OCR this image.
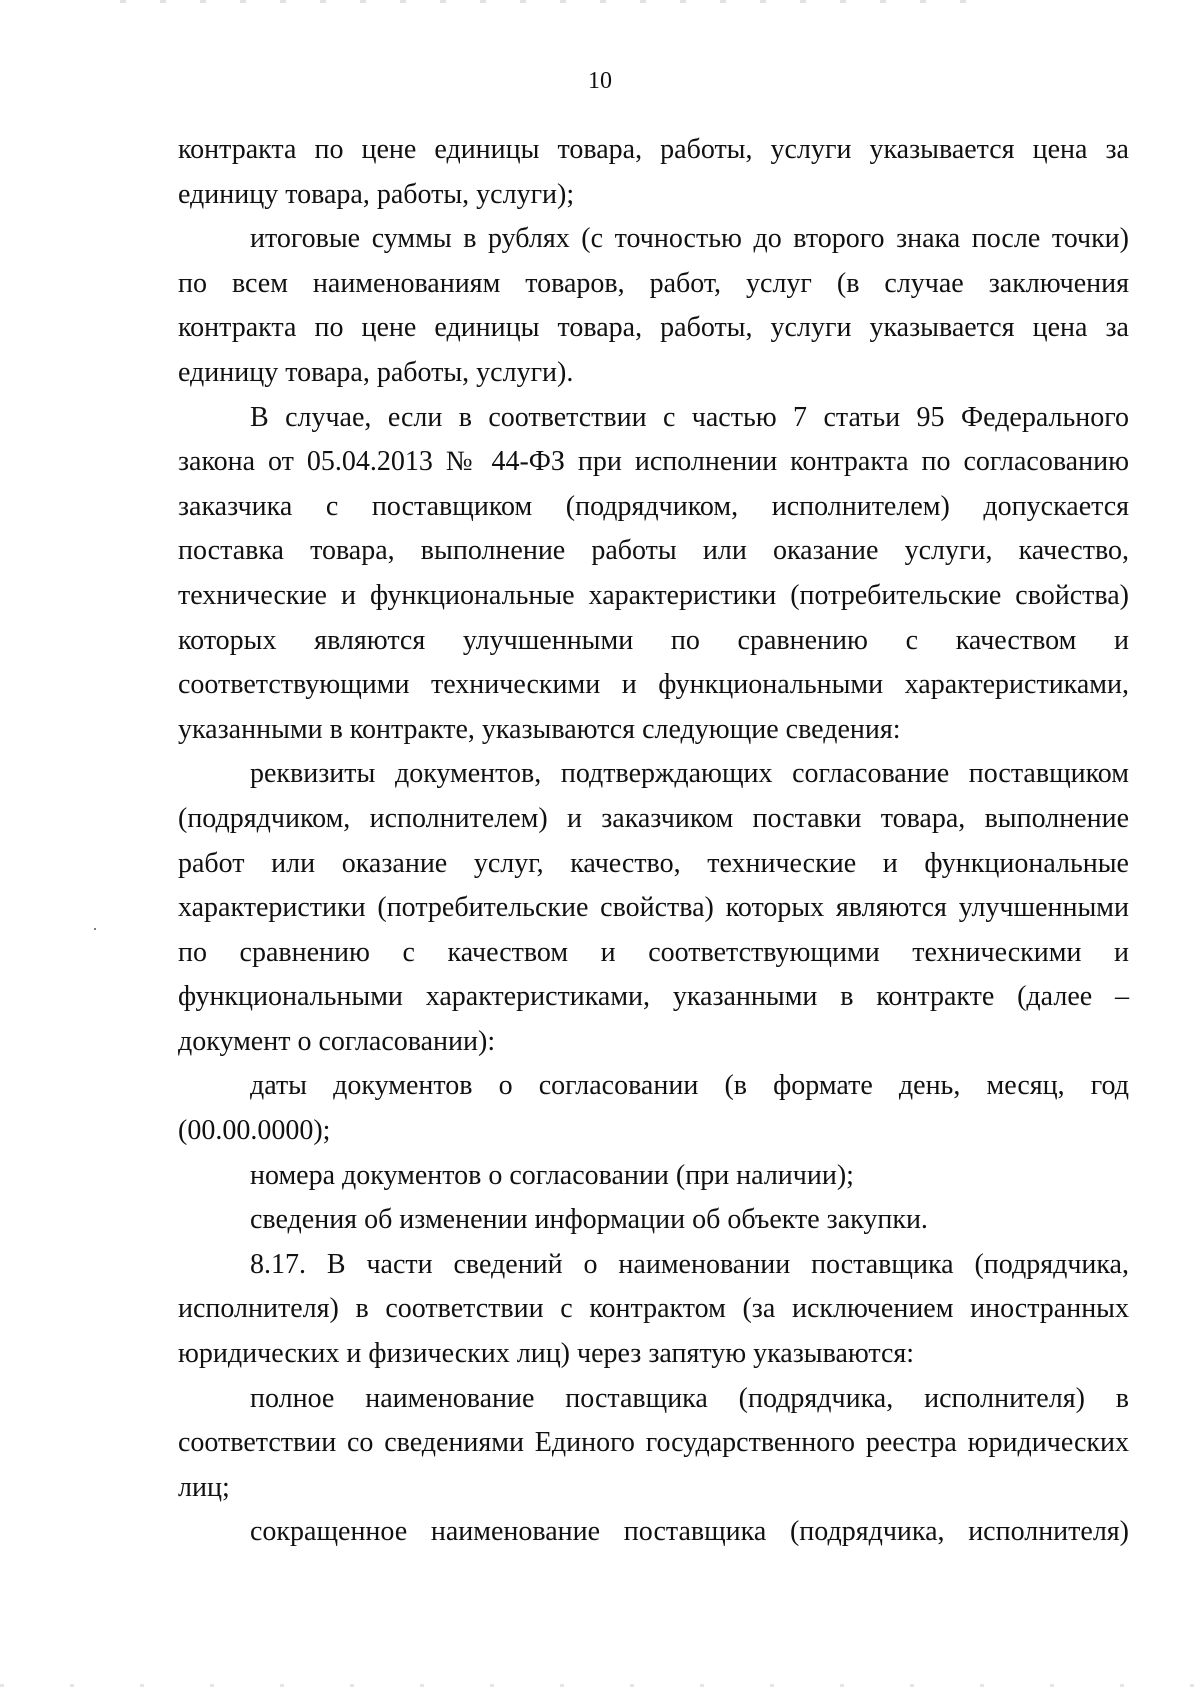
10
контракта по цене единицы товара, работы, услуги указывается цена за
единицу товара, работы, услуги);
итоговые суммы в рублях (с точностью до второго знака после точки)
по всем наименованиям товаров, работ, услуг (в случае заключения
контракта по цене единицы товара, работы, услуги указывается цена за
единицу товара, работы, услуги).
В случае, если в соответствии с частью 7 статьи 95 Федерального
закона от 05.04.2013 № 44-ФЗ при исполнении контракта по согласованию
заказчика с поставщиком (подрядчиком, исполнителем) допускается
поставка товара, выполнение работы или оказание услуги, качество,
технические и функциональные характеристики (потребительские свойства)
которых являются улучшенными по сравнению с качеством и
соответствующими техническими и функциональными характеристиками,
указанными в контракте, указываются следующие сведения:
реквизиты документов, подтверждающих согласование поставщиком
(подрядчиком, исполнителем) и заказчиком поставки товара, выполнение
работ или оказание услуг, качество, технические и функциональные
характеристики (потребительские свойства) которых являются улучшенными
по сравнению с качеством и соответствующими техническими и
функциональными характеристиками, указанными в контракте (далее –
документ о согласовании):
даты документов о согласовании (в формате день, месяц, год
(00.00.0000);
номера документов о согласовании (при наличии);
сведения об изменении информации об объекте закупки.
8.17. В части сведений о наименовании поставщика (подрядчика,
исполнителя) в соответствии с контрактом (за исключением иностранных
юридических и физических лиц) через запятую указываются:
полное наименование поставщика (подрядчика, исполнителя) в
соответствии со сведениями Единого государственного реестра юридических
лиц;
сокращенное наименование поставщика (подрядчика, исполнителя)
